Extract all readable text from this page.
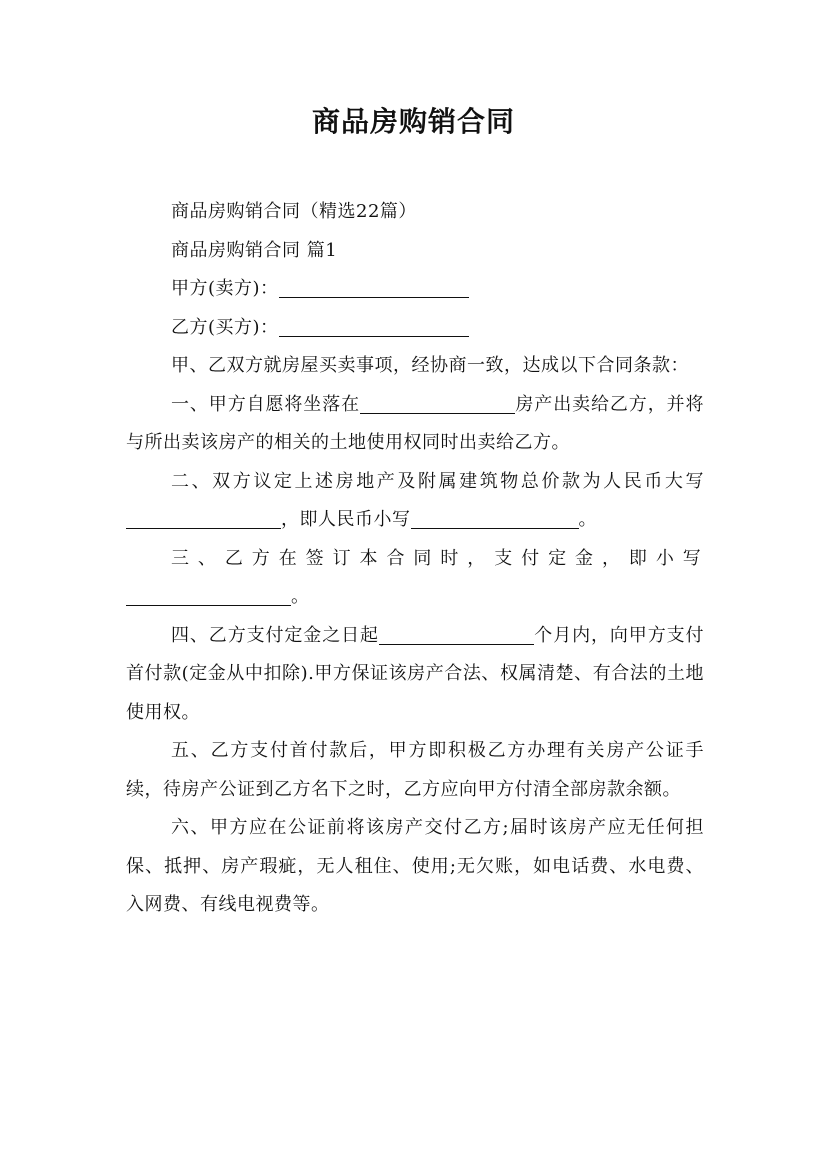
商品房购销合同

商品房购销合同（精选22篇）

商品房购销合同 篇1

甲方(卖方)：

乙方(买方)：

甲、乙双方就房屋买卖事项，经协商一致，达成以下合同条款：

一、甲方自愿将坐落在	房产出卖给乙方，并将与所出卖该房产的相关的土地使用权同时出卖给乙方。

二、双方议定上述房地产及附属建筑物总价款为人民币大写，即人民币小写	。

三、乙方在签订本合同时，支付定金，即小写。

四、乙方支付定金之日起	个月内，向甲方支付首付款(定金从中扣除).甲方保证该房产合法、权属清楚、有合法的土地使用权。

五、乙方支付首付款后，甲方即积极乙方办理有关房产公证手续，待房产公证到乙方名下之时，乙方应向甲方付清全部房款余额。

六、甲方应在公证前将该房产交付乙方;届时该房产应无任何担保、抵押、房产瑕疵，无人租住、使用;无欠账，如电话费、水电费、入网费、有线电视费等。
